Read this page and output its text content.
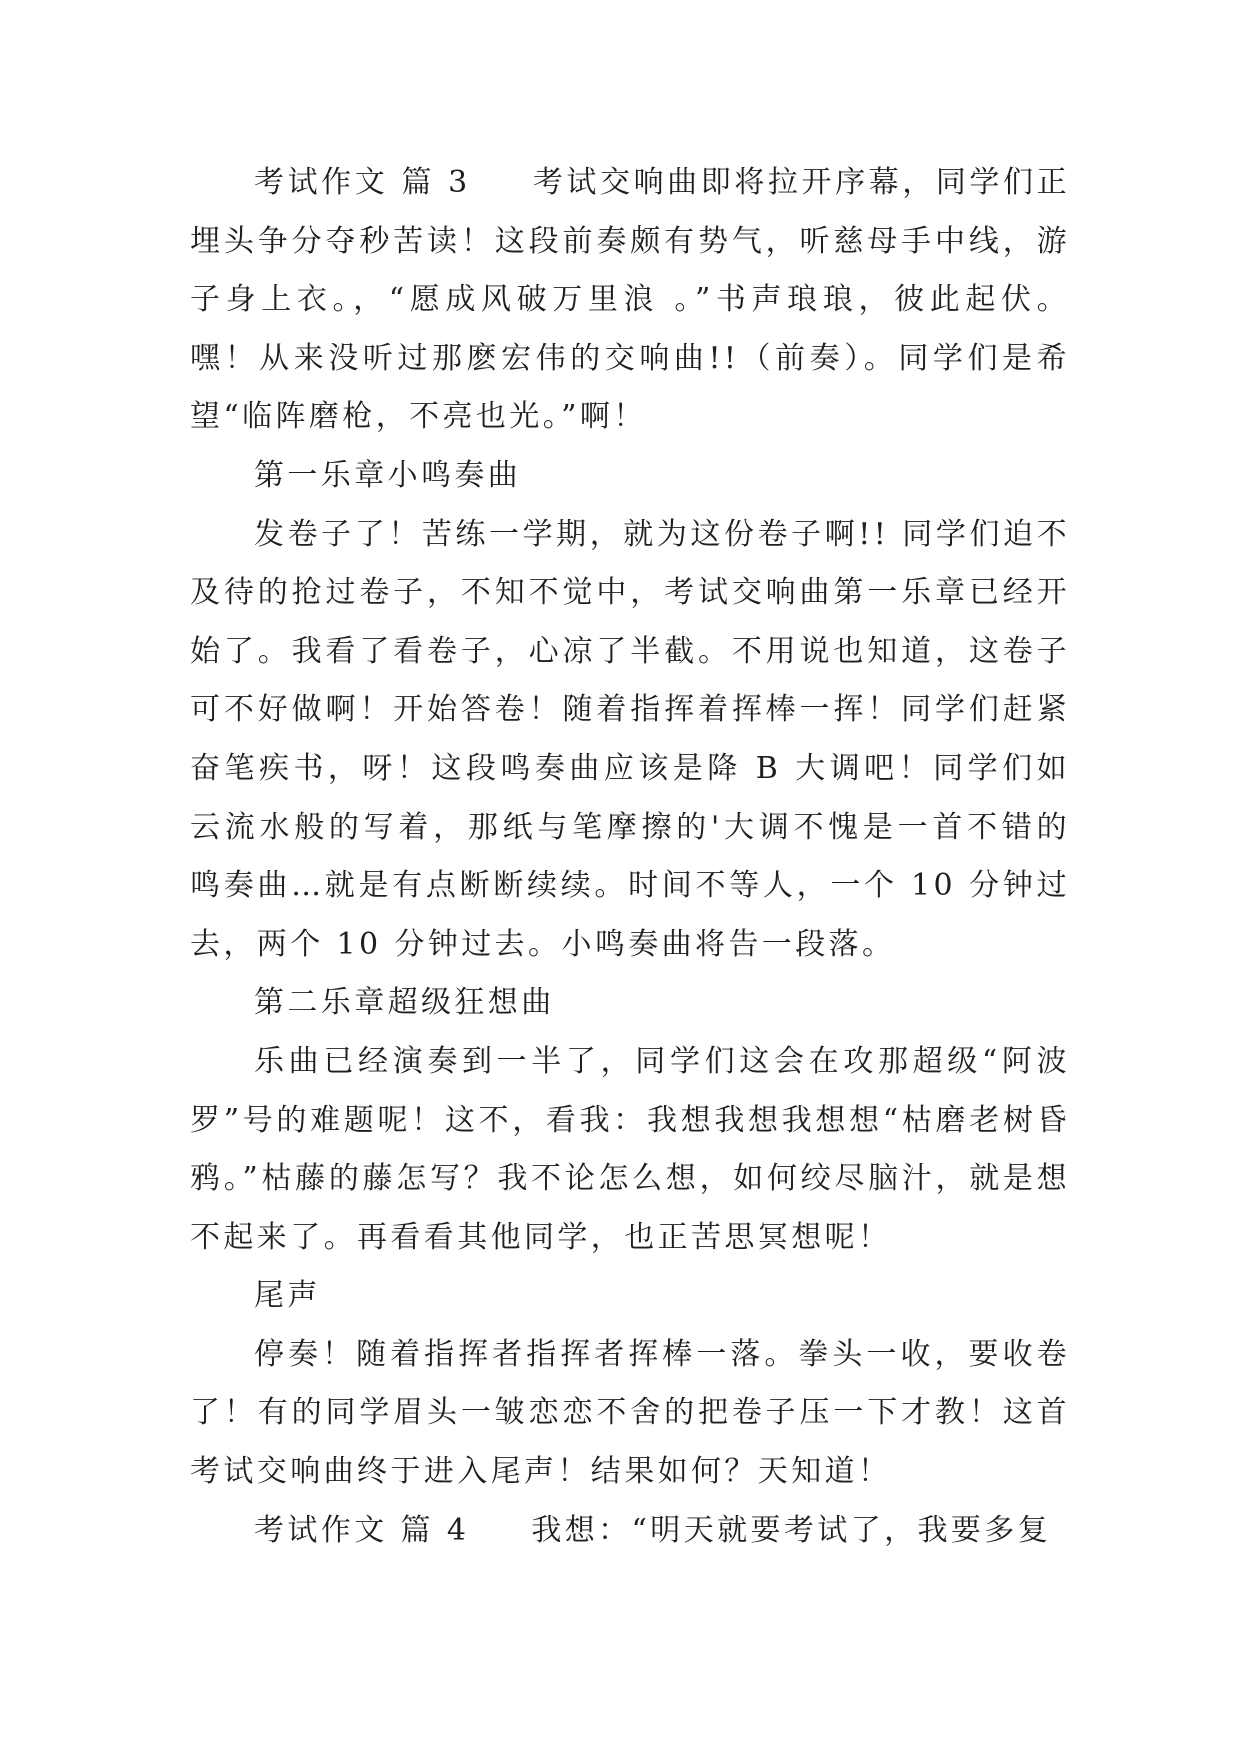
考试作文 篇 3 考试交响曲即将拉开序幕，同学们正埋头争分夺秒苦读！这段前奏颇有势气，听慈母手中线，游子身上衣。，“愿成风破万里浪 。”书声琅琅，彼此起伏。嘿！从来没听过那麽宏伟的交响曲!!（前奏）。同学们是希望“临阵磨枪，不亮也光。”啊！

第一乐章小鸣奏曲

发卷子了！苦练一学期，就为这份卷子啊!! 同学们迫不及待的抢过卷子，不知不觉中，考试交响曲第一乐章已经开始了。我看了看卷子，心凉了半截。不用说也知道，这卷子可不好做啊！开始答卷！随着指挥着挥棒一挥！同学们赶紧奋笔疾书，呀！这段鸣奏曲应该是降 B 大调吧！同学们如云流水般的写着，那纸与笔摩擦的'大调不愧是一首不错的鸣奏曲…就是有点断断续续。时间不等人，一个 10 分钟过去，两个 10 分钟过去。小鸣奏曲将告一段落。

第二乐章超级狂想曲

乐曲已经演奏到一半了，同学们这会在攻那超级“阿波罗”号的难题呢！这不，看我：我想我想我想想“枯磨老树昏鸦。”枯藤的藤怎写？我不论怎么想，如何绞尽脑汁，就是想不起来了。再看看其他同学，也正苦思冥想呢！

尾声

停奏！随着指挥者指挥者挥棒一落。拳头一收，要收卷了！有的同学眉头一皱恋恋不舍的把卷子压一下才教！这首考试交响曲终于进入尾声！结果如何？天知道！

考试作文 篇 4 我想：“明天就要考试了，我要多复
